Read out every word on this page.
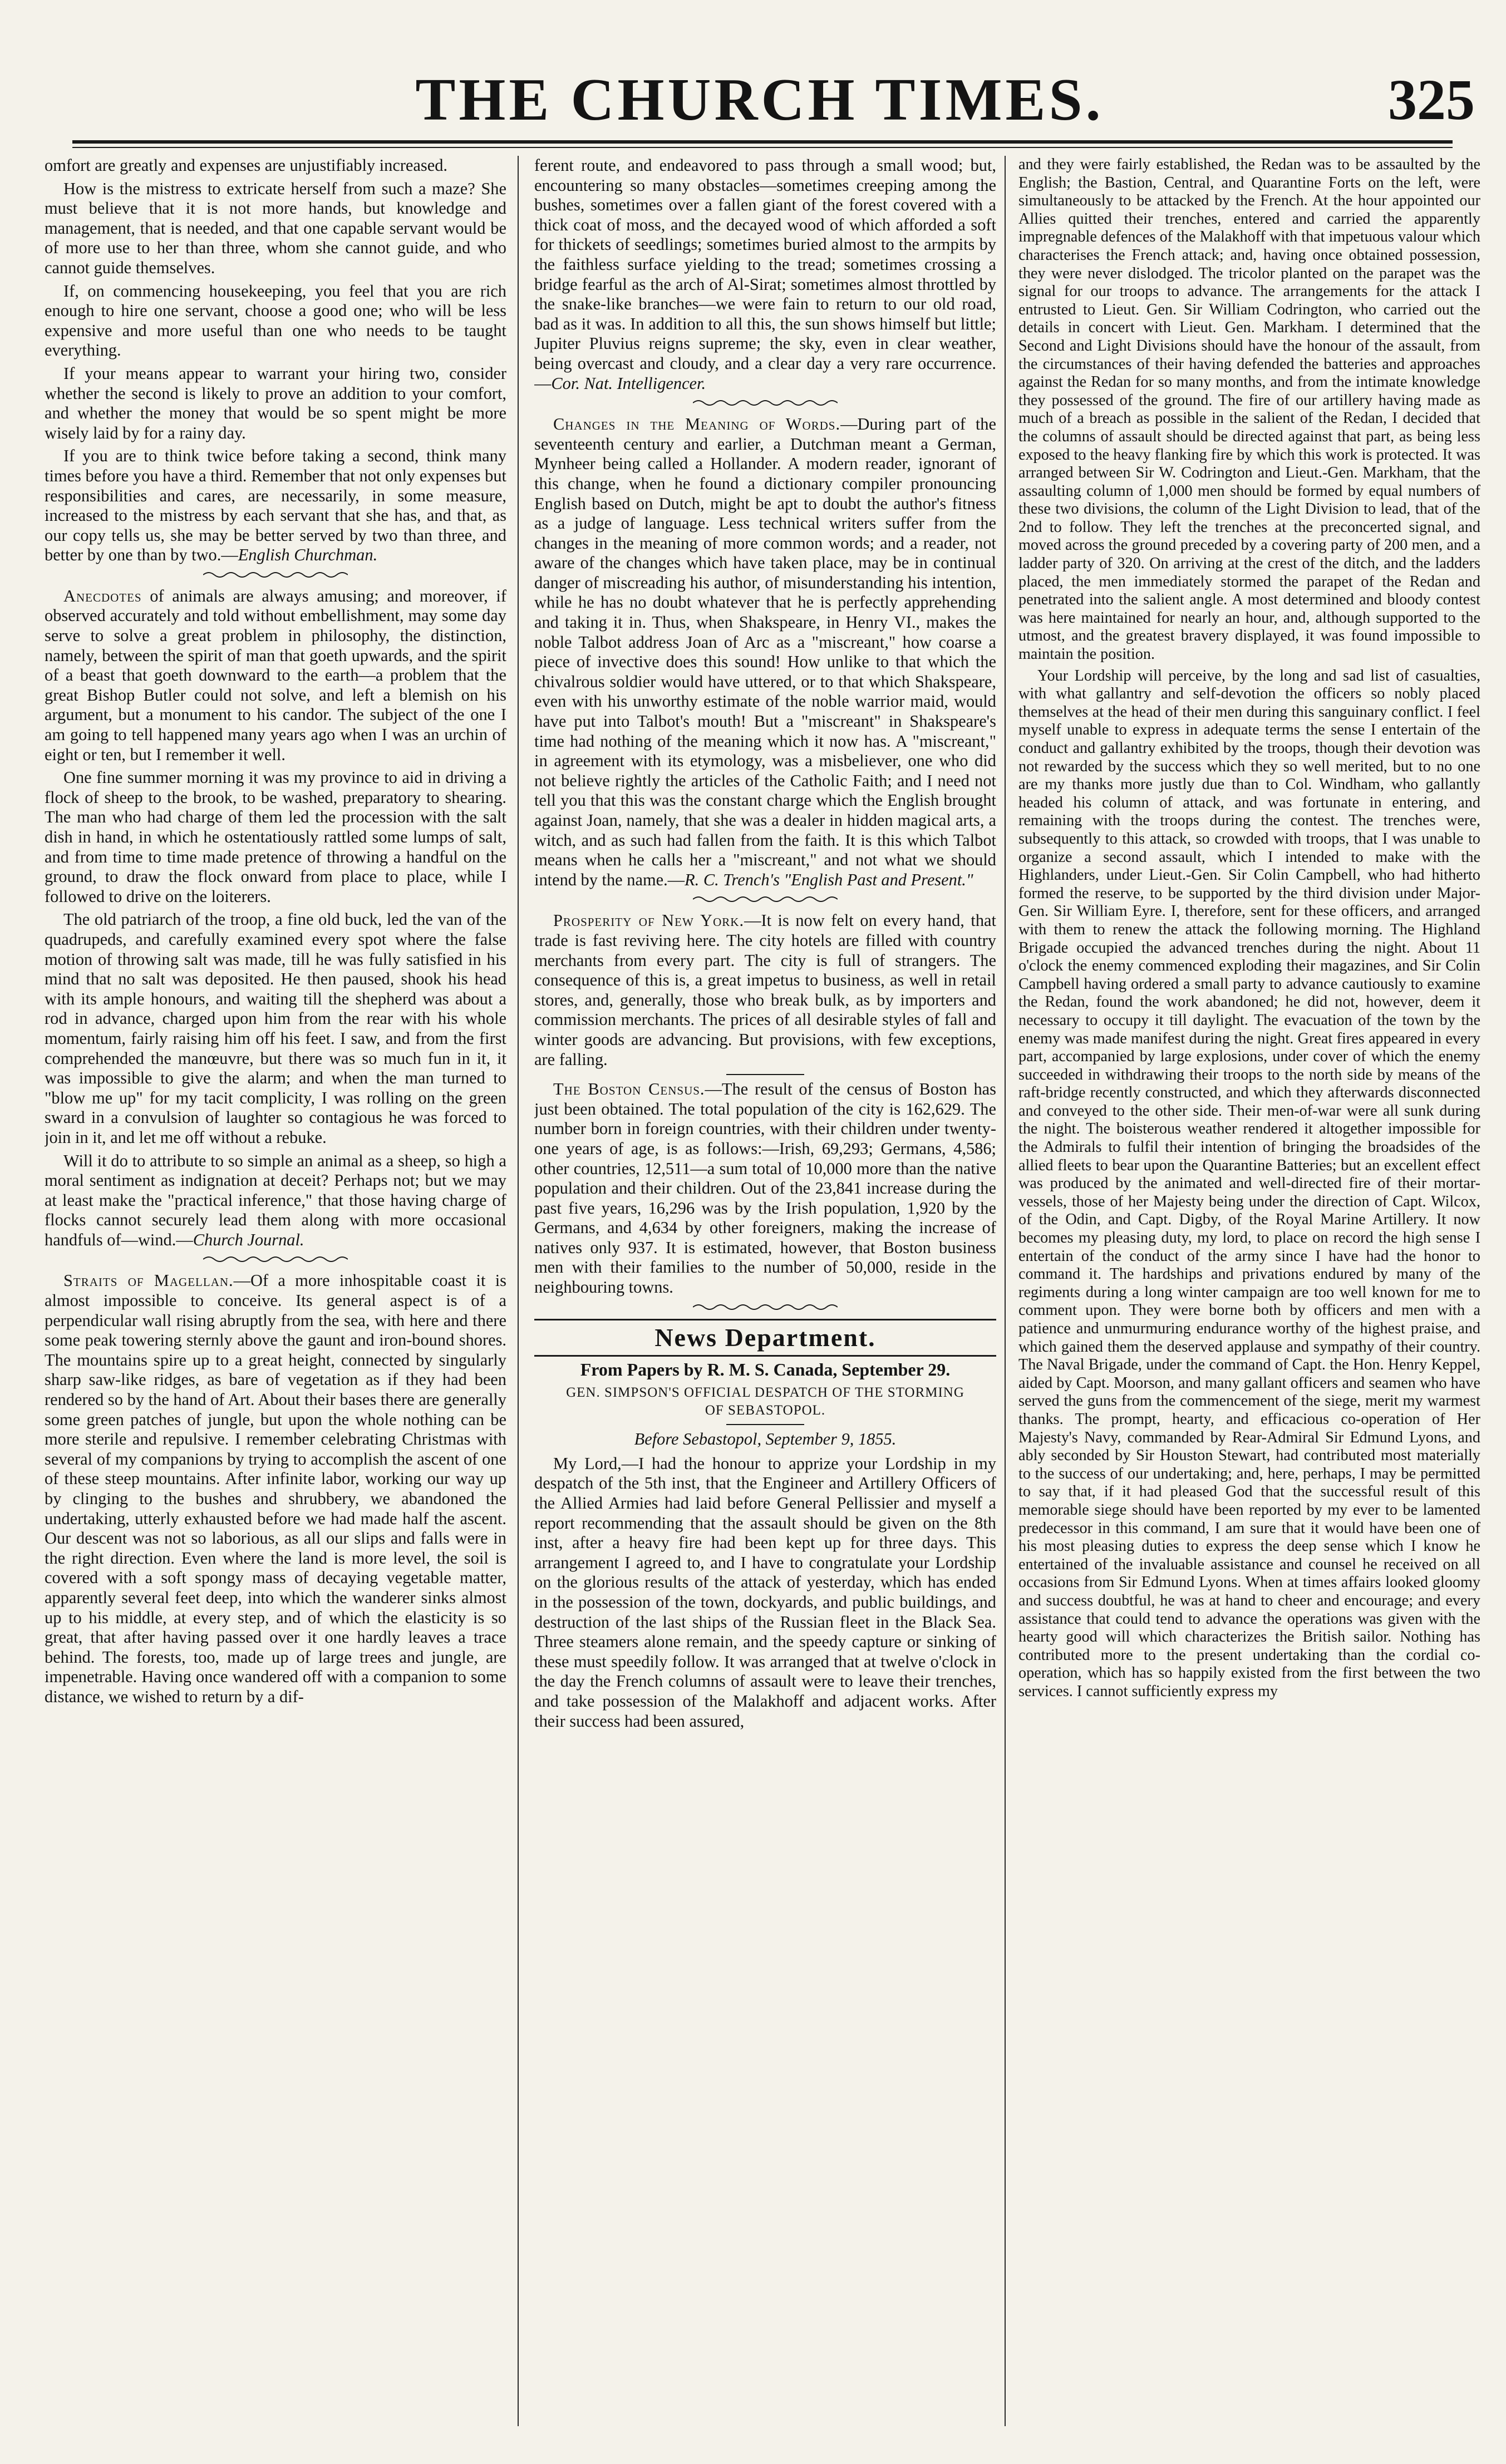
THE CHURCH TIMES.	325

omfort are greatly and expenses are unjustifiably increased.

How is the mistress to extricate herself from such a maze? She must believe that it is not more hands, but knowledge and management, that is needed, and that one capable servant would be of more use to her than three, whom she cannot guide, and who cannot guide themselves.

If, on commencing housekeeping, you feel that you are rich enough to hire one servant, choose a good one; who will be less expensive and more useful than one who needs to be taught everything.

If your means appear to warrant your hiring two, consider whether the second is likely to prove an addition to your comfort, and whether the money that would be so spent might be more wisely laid by for a rainy day.

If you are to think twice before taking a second, think many times before you have a third. Remember that not only expenses but responsibilities and cares, are necessarily, in some measure, increased to the mistress by each servant that she has, and that, as our copy tells us, she may be better served by two than three, and better by one than by two.—English Churchman.

Anecdotes of animals are always amusing; and moreover, if observed accurately and told without embellishment, may some day serve to solve a great problem in philosophy, the distinction, namely, between the spirit of man that goeth upwards, and the spirit of a beast that goeth downward to the earth—a problem that the great Bishop Butler could not solve, and left a blemish on his argument, but a monument to his candor. The subject of the one I am going to tell happened many years ago when I was an urchin of eight or ten, but I remember it well.

One fine summer morning it was my province to aid in driving a flock of sheep to the brook, to be washed, preparatory to shearing. The man who had charge of them led the procession with the salt dish in hand, in which he ostentatiously rattled some lumps of salt, and from time to time made pretence of throwing a handful on the ground, to draw the flock onward from place to place, while I followed to drive on the loiterers.

The old patriarch of the troop, a fine old buck, led the van of the quadrupeds, and carefully examined every spot where the false motion of throwing salt was made, till he was fully satisfied in his mind that no salt was deposited. He then paused, shook his head with its ample honours, and waiting till the shepherd was about a rod in advance, charged upon him from the rear with his whole momentum, fairly raising him off his feet. I saw, and from the first comprehended the manœuvre, but there was so much fun in it, it was impossible to give the alarm; and when the man turned to "blow me up" for my tacit complicity, I was rolling on the green sward in a convulsion of laughter so contagious he was forced to join in it, and let me off without a rebuke.

Will it do to attribute to so simple an animal as a sheep, so high a moral sentiment as indignation at deceit? Perhaps not; but we may at least make the "practical inference," that those having charge of flocks cannot securely lead them along with more occasional handfuls of—wind.—Church Journal.

Straits of Magellan.—Of a more inhospitable coast it is almost impossible to conceive. Its general aspect is of a perpendicular wall rising abruptly from the sea, with here and there some peak towering sternly above the gaunt and iron-bound shores. The mountains spire up to a great height, connected by singularly sharp saw-like ridges, as bare of vegetation as if they had been rendered so by the hand of Art. About their bases there are generally some green patches of jungle, but upon the whole nothing can be more sterile and repulsive. I remember celebrating Christmas with several of my companions by trying to accomplish the ascent of one of these steep mountains. After infinite labor, working our way up by clinging to the bushes and shrubbery, we abandoned the undertaking, utterly exhausted before we had made half the ascent. Our descent was not so laborious, as all our slips and falls were in the right direction. Even where the land is more level, the soil is covered with a soft spongy mass of decaying vegetable matter, apparently several feet deep, into which the wanderer sinks almost up to his middle, at every step, and of which the elasticity is so great, that after having passed over it one hardly leaves a trace behind. The forests, too, made up of large trees and jungle, are impenetrable. Having once wandered off with a companion to some distance, we wished to return by a dif-

ferent route, and endeavored to pass through a small wood; but, encountering so many obstacles—sometimes creeping among the bushes, sometimes over a fallen giant of the forest covered with a thick coat of moss, and the decayed wood of which afforded a soft for thickets of seedlings; sometimes buried almost to the armpits by the faithless surface yielding to the tread; sometimes crossing a bridge fearful as the arch of Al-Sirat; sometimes almost throttled by the snake-like branches—we were fain to return to our old road, bad as it was. In addition to all this, the sun shows himself but little; Jupiter Pluvius reigns supreme; the sky, even in clear weather, being overcast and cloudy, and a clear day a very rare occurrence.—Cor. Nat. Intelligencer.

Changes in the Meaning of Words.—During part of the seventeenth century and earlier, a Dutchman meant a German, Mynheer being called a Hollander. A modern reader, ignorant of this change, when he found a dictionary compiler pronouncing English based on Dutch, might be apt to doubt the author's fitness as a judge of language. Less technical writers suffer from the changes in the meaning of more common words; and a reader, not aware of the changes which have taken place, may be in continual danger of miscreading his author, of misunderstanding his intention, while he has no doubt whatever that he is perfectly apprehending and taking it in. Thus, when Shakspeare, in Henry VI., makes the noble Talbot address Joan of Arc as a "miscreant," how coarse a piece of invective does this sound! How unlike to that which the chivalrous soldier would have uttered, or to that which Shakspeare, even with his unworthy estimate of the noble warrior maid, would have put into Talbot's mouth! But a "miscreant" in Shakspeare's time had nothing of the meaning which it now has. A "miscreant," in agreement with its etymology, was a misbeliever, one who did not believe rightly the articles of the Catholic Faith; and I need not tell you that this was the constant charge which the English brought against Joan, namely, that she was a dealer in hidden magical arts, a witch, and as such had fallen from the faith. It is this which Talbot means when he calls her a "miscreant," and not what we should intend by the name.—R. C. Trench's "English Past and Present."

Prosperity of New York.—It is now felt on every hand, that trade is fast reviving here. The city hotels are filled with country merchants from every part. The city is full of strangers. The consequence of this is, a great impetus to business, as well in retail stores, and, generally, those who break bulk, as by importers and commission merchants. The prices of all desirable styles of fall and winter goods are advancing. But provisions, with few exceptions, are falling.

The Boston Census.—The result of the census of Boston has just been obtained. The total population of the city is 162,629. The number born in foreign countries, with their children under twenty-one years of age, is as follows:—Irish, 69,293; Germans, 4,586; other countries, 12,511—a sum total of 10,000 more than the native population and their children. Out of the 23,841 increase during the past five years, 16,296 was by the Irish population, 1,920 by the Germans, and 4,634 by other foreigners, making the increase of natives only 937. It is estimated, however, that Boston business men with their families to the number of 50,000, reside in the neighbouring towns.

News Department.
From Papers by R. M. S. Canada, September 29.
GEN. SIMPSON'S OFFICIAL DESPATCH OF THE STORMING OF SEBASTOPOL.
Before Sebastopol, September 9, 1855.

My Lord,—I had the honour to apprize your Lordship in my despatch of the 5th inst, that the Engineer and Artillery Officers of the Allied Armies had laid before General Pellissier and myself a report recommending that the assault should be given on the 8th inst, after a heavy fire had been kept up for three days. This arrangement I agreed to, and I have to congratulate your Lordship on the glorious results of the attack of yesterday, which has ended in the possession of the town, dockyards, and public buildings, and destruction of the last ships of the Russian fleet in the Black Sea. Three steamers alone remain, and the speedy capture or sinking of these must speedily follow. It was arranged that at twelve o'clock in the day the French columns of assault were to leave their trenches, and take possession of the Malakhoff and adjacent works. After their success had been assured,

and they were fairly established, the Redan was to be assaulted by the English; the Bastion, Central, and Quarantine Forts on the left, were simultaneously to be attacked by the French. At the hour appointed our Allies quitted their trenches, entered and carried the apparently impregnable defences of the Malakhoff with that impetuous valour which characterises the French attack; and, having once obtained possession, they were never dislodged. The tricolor planted on the parapet was the signal for our troops to advance. The arrangements for the attack I entrusted to Lieut. Gen. Sir William Codrington, who carried out the details in concert with Lieut. Gen. Markham. I determined that the Second and Light Divisions should have the honour of the assault, from the circumstances of their having defended the batteries and approaches against the Redan for so many months, and from the intimate knowledge they possessed of the ground. The fire of our artillery having made as much of a breach as possible in the salient of the Redan, I decided that the columns of assault should be directed against that part, as being less exposed to the heavy flanking fire by which this work is protected. It was arranged between Sir W. Codrington and Lieut.-Gen. Markham, that the assaulting column of 1,000 men should be formed by equal numbers of these two divisions, the column of the Light Division to lead, that of the 2nd to follow. They left the trenches at the preconcerted signal, and moved across the ground preceded by a covering party of 200 men, and a ladder party of 320. On arriving at the crest of the ditch, and the ladders placed, the men immediately stormed the parapet of the Redan and penetrated into the salient angle. A most determined and bloody contest was here maintained for nearly an hour, and, although supported to the utmost, and the greatest bravery displayed, it was found impossible to maintain the position.

Your Lordship will perceive, by the long and sad list of casualties, with what gallantry and self-devotion the officers so nobly placed themselves at the head of their men during this sanguinary conflict. I feel myself unable to express in adequate terms the sense I entertain of the conduct and gallantry exhibited by the troops, though their devotion was not rewarded by the success which they so well merited, but to no one are my thanks more justly due than to Col. Windham, who gallantly headed his column of attack, and was fortunate in entering, and remaining with the troops during the contest. The trenches were, subsequently to this attack, so crowded with troops, that I was unable to organize a second assault, which I intended to make with the Highlanders, under Lieut.-Gen. Sir Colin Campbell, who had hitherto formed the reserve, to be supported by the third division under Major-Gen. Sir William Eyre. I, therefore, sent for these officers, and arranged with them to renew the attack the following morning. The Highland Brigade occupied the advanced trenches during the night. About 11 o'clock the enemy commenced exploding their magazines, and Sir Colin Campbell having ordered a small party to advance cautiously to examine the Redan, found the work abandoned; he did not, however, deem it necessary to occupy it till daylight. The evacuation of the town by the enemy was made manifest during the night. Great fires appeared in every part, accompanied by large explosions, under cover of which the enemy succeeded in withdrawing their troops to the north side by means of the raft-bridge recently constructed, and which they afterwards disconnected and conveyed to the other side. Their men-of-war were all sunk during the night. The boisterous weather rendered it altogether impossible for the Admirals to fulfil their intention of bringing the broadsides of the allied fleets to bear upon the Quarantine Batteries; but an excellent effect was produced by the animated and well-directed fire of their mortar-vessels, those of her Majesty being under the direction of Capt. Wilcox, of the Odin, and Capt. Digby, of the Royal Marine Artillery. It now becomes my pleasing duty, my lord, to place on record the high sense I entertain of the conduct of the army since I have had the honor to command it. The hardships and privations endured by many of the regiments during a long winter campaign are too well known for me to comment upon. They were borne both by officers and men with a patience and unmurmuring endurance worthy of the highest praise, and which gained them the deserved applause and sympathy of their country. The Naval Brigade, under the command of Capt. the Hon. Henry Keppel, aided by Capt. Moorson, and many gallant officers and seamen who have served the guns from the commencement of the siege, merit my warmest thanks. The prompt, hearty, and efficacious co-operation of Her Majesty's Navy, commanded by Rear-Admiral Sir Edmund Lyons, and ably seconded by Sir Houston Stewart, had contributed most materially to the success of our undertaking; and, here, perhaps, I may be permitted to say that, if it had pleased God that the successful result of this memorable siege should have been reported by my ever to be lamented predecessor in this command, I am sure that it would have been one of his most pleasing duties to express the deep sense which I know he entertained of the invaluable assistance and counsel he received on all occasions from Sir Edmund Lyons. When at times affairs looked gloomy and success doubtful, he was at hand to cheer and encourage; and every assistance that could tend to advance the operations was given with the hearty good will which characterizes the British sailor. Nothing has contributed more to the present undertaking than the cordial co-operation, which has so happily existed from the first between the two services. I cannot sufficiently express my
